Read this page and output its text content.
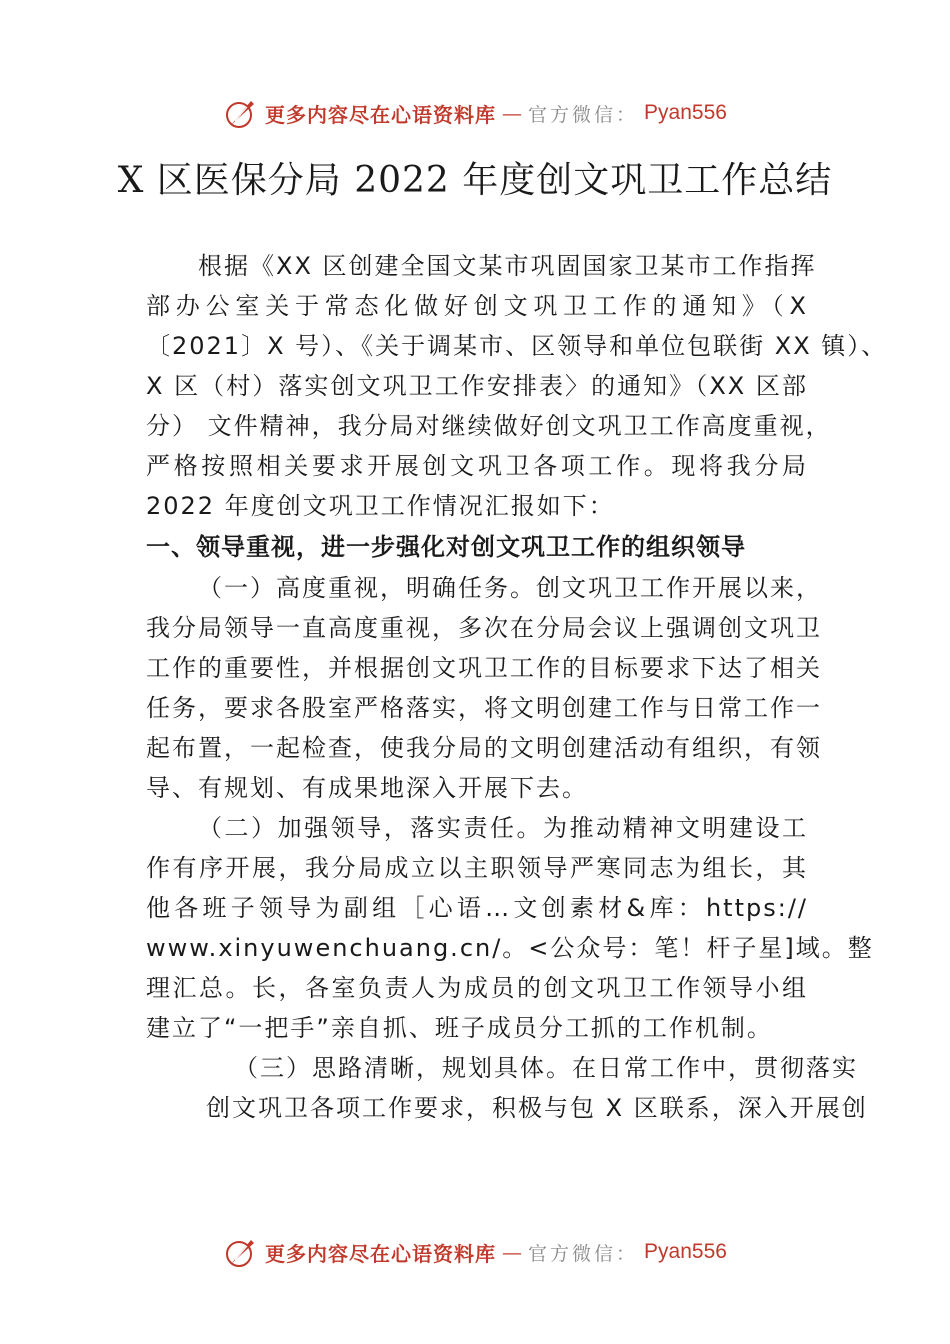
更多内容尽在心语资料库 — 官方微信： Pyan556
X 区医保分局 2022 年度创文巩卫工作总结
根据《XX 区创建全国文某市巩固国家卫某市工作指挥
部办公室关于常态化做好创文巩卫工作的通知》（X
〔2021〕X 号）、《关于调某市、区领导和单位包联街 XX 镇）、
X 区（村）落实创文巩卫工作安排表〉的通知》（XX 区部
分） 文件精神，我分局对继续做好创文巩卫工作高度重视，
严格按照相关要求开展创文巩卫各项工作。现将我分局
2022 年度创文巩卫工作情况汇报如下：
一、领导重视，进一步强化对创文巩卫工作的组织领导
（一）高度重视，明确任务。创文巩卫工作开展以来，
我分局领导一直高度重视，多次在分局会议上强调创文巩卫
工作的重要性，并根据创文巩卫工作的目标要求下达了相关
任务，要求各股室严格落实，将文明创建工作与日常工作一
起布置，一起检查，使我分局的文明创建活动有组织，有领
导、有规划、有成果地深入开展下去。
（二）加强领导，落实责任。为推动精神文明建设工
作有序开展，我分局成立以主职领导严寒同志为组长，其
他各班子领导为副组［心语…文创素材&库：https://
www.xinyuwenchuang.cn/。<公众号：笔！杆子星]域。整
理汇总。长，各室负责人为成员的创文巩卫工作领导小组
建立了“一把手”亲自抓、班子成员分工抓的工作机制。
（三）思路清晰，规划具体。在日常工作中，贯彻落实
创文巩卫各项工作要求，积极与包 X 区联系，深入开展创
更多内容尽在心语资料库 — 官方微信： Pyan556
